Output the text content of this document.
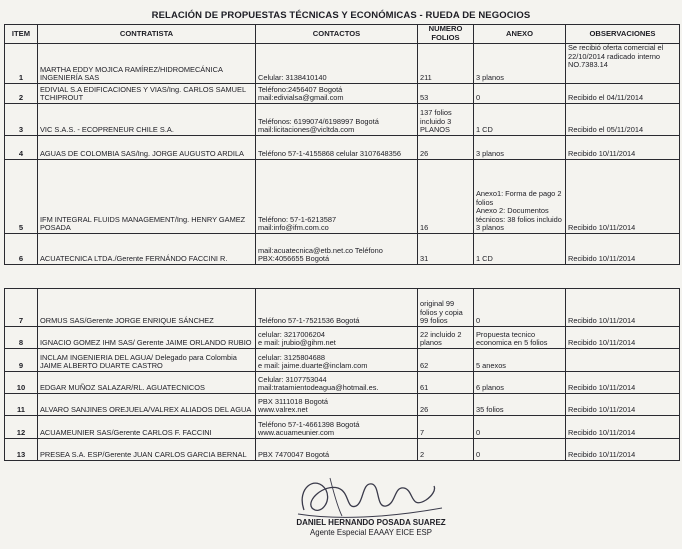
RELACIÓN DE PROPUESTAS TÉCNICAS Y ECONÓMICAS - RUEDA DE NEGOCIOS
ITEM	CONTRATISTA	CONTACTOS	NUMERO FOLIOS	ANEXO	OBSERVACIONES
1	MARTHA EDDY MOJICA RAMÍREZ/HIDROMECÁNICA INGENIERÍA SAS	Celular: 3138410140	211	3 planos	Se recibió oferta comercial el 22/10/2014 radicado interno NO.7383.14
2	EDIVIAL S.A EDIFICACIONES Y VIAS/Ing. CARLOS SAMUEL TCHIPROUT	Teléfono:2456407 Bogotá
mail:edivialsa@gmail.com	53	0	Recibido el 04/11/2014
3	VIC S.A.S. - ECOPRENEUR CHILE S.A.	Teléfonos: 6199074/6198997 Bogotá
mail:licitaciones@vicltda.com	137 folios incluido 3 PLANOS	1 CD	Recibido el 05/11/2014
4	AGUAS DE COLOMBIA SAS/Ing. JORGE AUGUSTO ARDILA	Teléfono 57-1-4155868 celular 3107648356	26	3 planos	Recibido 10/11/2014
5	IFM INTEGRAL FLUIDS MANAGEMENT/Ing. HENRY GAMEZ POSADA	Teléfono: 57-1-6213587
mail:info@ifm.com.co	16	Anexo1: Forma de pago 2 folios
Anexo 2: Documentos técnicos: 38 folios incluido 3 planos	Recibido 10/11/2014
6	ACUATECNICA LTDA./Gerente FERNÁNDO FACCINI R.	mail:acuatecnica@etb.net.co Teléfono PBX:4056655 Bogotá	31	1 CD	Recibido 10/11/2014
7	ORMUS SAS/Gerente JORGE ENRIQUE SÁNCHEZ	Teléfono 57-1-7521536 Bogotá	original 99 folios y copia 99 folios	0	Recibido 10/11/2014
8	IGNACIO GOMEZ IHM SAS/ Gerente JAIME ORLANDO RUBIO	celular: 3217006204
e mail: jrubio@gihm.net	22 incluido 2 planos	Propuesta tecnico economica en 5 folios	Recibido 10/11/2014
9	INCLAM INGENIERIA DEL AGUA/ Delegado para Colombia JAIME ALBERTO DUARTE CASTRO	celular: 3125804688
e mail: jaime.duarte@inclam.com	62	5 anexos	
10	EDGAR MUÑOZ SALAZAR/RL. AGUATECNICOS	Celular: 3107753044
mail:tratamientodeagua@hotmail.es.	61	6 planos	Recibido 10/11/2014
11	ALVARO SANJINES OREJUELA/VALREX ALIADOS DEL AGUA	PBX 3111018 Bogotá
www.valrex.net	26	35 folios	Recibido 10/11/2014
12	ACUAMEUNIER SAS/Gerente CARLOS F. FACCINI	Teléfono 57-1-4661398 Bogotá
www.acuameunier.com	7	0	Recibido 10/11/2014
13	PRESEA S.A. ESP/Gerente JUAN CARLOS GARCIA BERNAL	PBX 7470047 Bogotá	2	0	Recibido 10/11/2014
DANIEL HERNANDO POSADA SUAREZ
Agente Especial EAAAY EICE ESP
